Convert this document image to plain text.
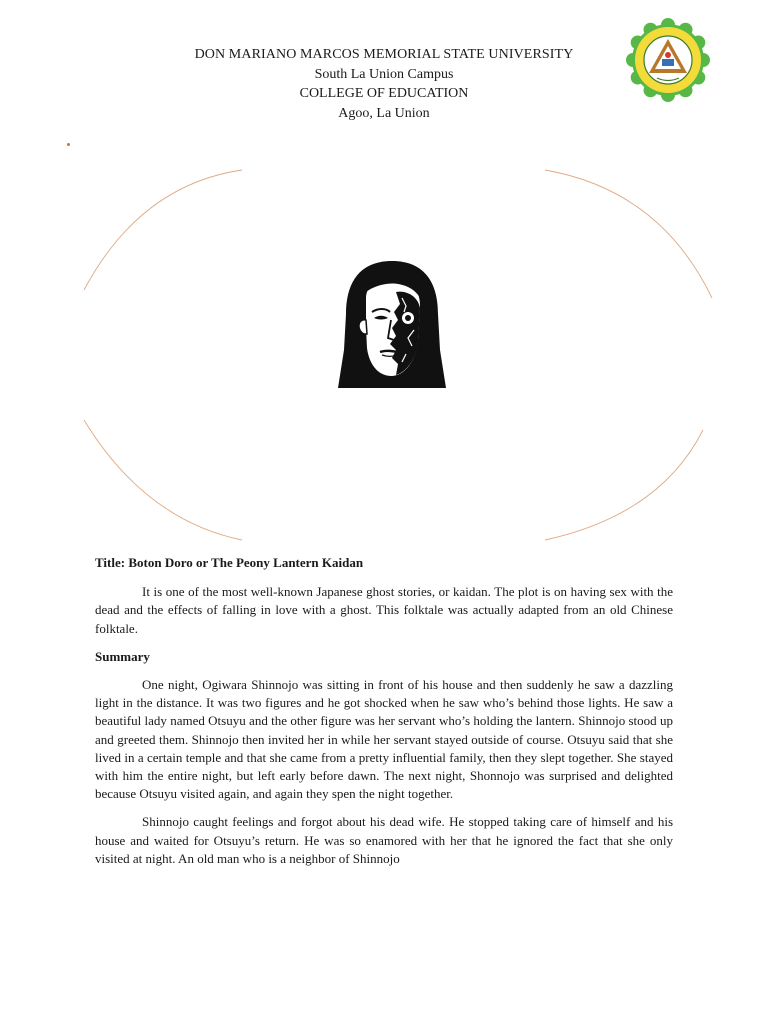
DON MARIANO MARCOS MEMORIAL STATE UNIVERSITY
South La Union Campus
COLLEGE OF EDUCATION
Agoo, La Union

Title: Boton Doro or The Peony Lantern Kaidan

It is one of the most well-known Japanese ghost stories, or kaidan. The plot is on having sex with the dead and the effects of falling in love with a ghost. This folktale was actually adapted from an old Chinese folktale.

Summary

One night, Ogiwara Shinnojo was sitting in front of his house and then suddenly he saw a dazzling light in the distance. It was two figures and he got shocked when he saw who’s behind those lights. He saw a beautiful lady named Otsuyu and the other figure was her servant who’s holding the lantern. Shinnojo stood up and greeted them. Shinnojo then invited her in while her servant stayed outside of course. Otsuyu said that she lived in a certain temple and that she came from a pretty influential family, then they slept together. She stayed with him the entire night, but left early before dawn. The next night, Shonnojo was surprised and delighted because Otsuyu visited again, and again they spen the night together.

Shinnojo caught feelings and forgot about his dead wife. He stopped taking care of himself and his house and waited for Otsuyu’s return. He was so enamored with her that he ignored the fact that she only visited at night. An old man who is a neighbor of Shinnojo
